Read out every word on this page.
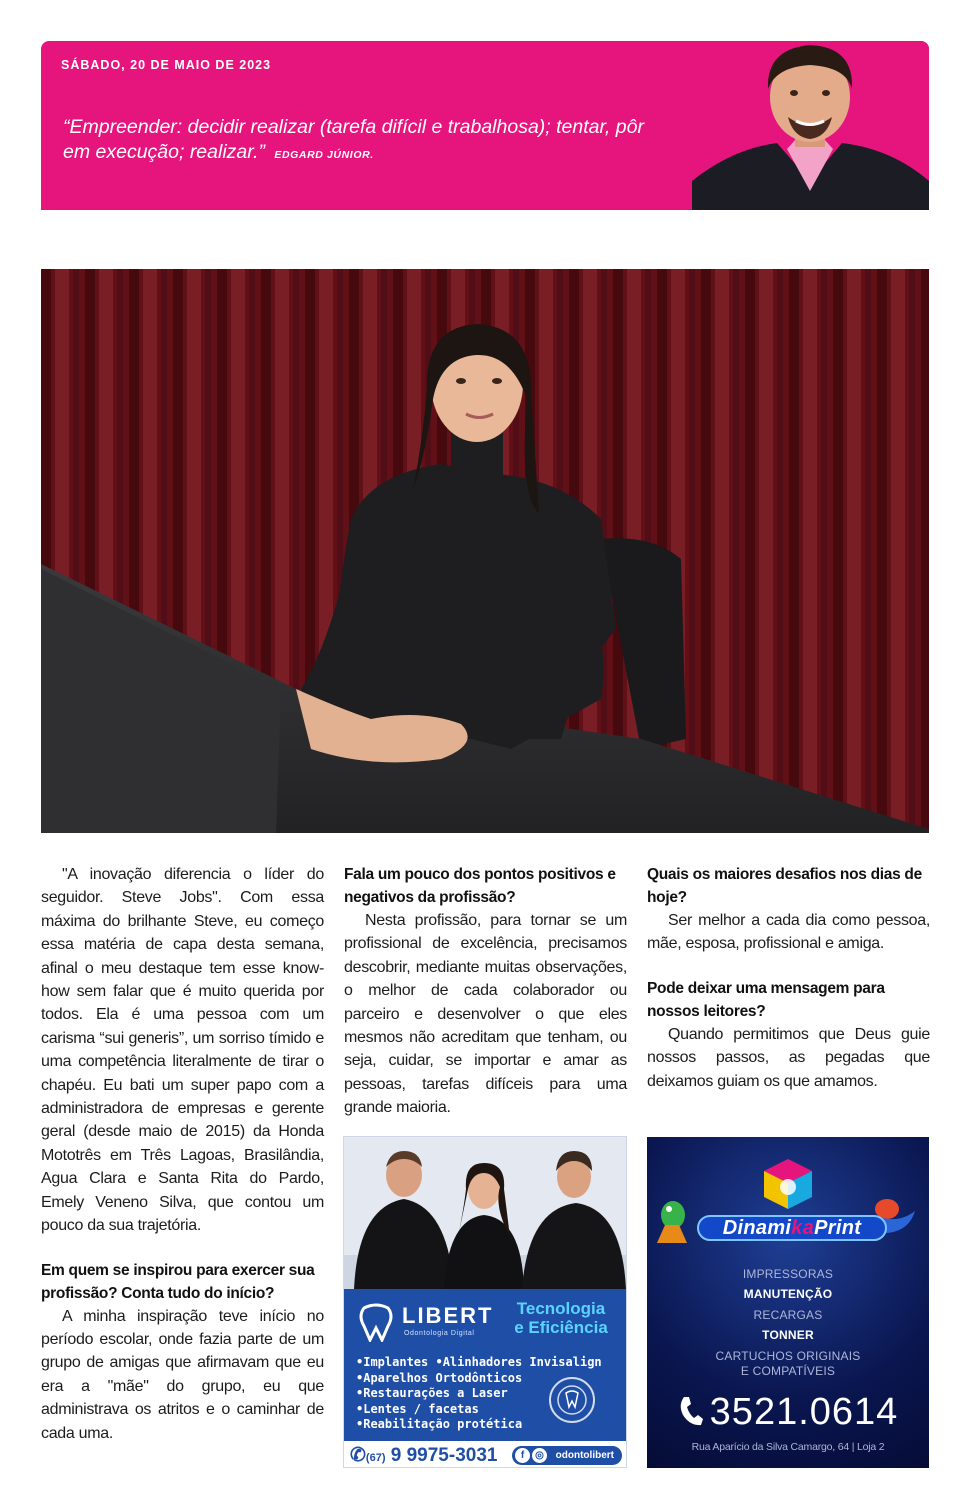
SÁBADO, 20 DE MAIO DE 2023
“Empreender: decidir realizar (tarefa difícil e trabalhosa); tentar, pôr em execução; realizar.” EDGARD JÚNIOR.

"A inovação diferencia o líder do seguidor. Steve Jobs". Com essa máxima do brilhante Steve, eu começo essa matéria de capa desta semana, afinal o meu destaque tem esse know-how sem falar que é muito querida por todos. Ela é uma pessoa com um carisma “sui generis”, um sorriso tímido e uma competência literalmente de tirar o chapéu. Eu bati um super papo com a administradora de empresas e gerente geral (desde maio de 2015) da Honda Mototrês em Três Lagoas, Brasilândia, Agua Clara e Santa Rita do Pardo, Emely Veneno Silva, que contou um pouco da sua trajetória.

Em quem se inspirou para exercer sua profissão? Conta tudo do início?

A minha inspiração teve início no período escolar, onde fazia parte de um grupo de amigas que afirmavam que eu era a "mãe" do grupo, eu que administrava os atritos e o caminhar de cada uma.

Fala um pouco dos pontos positivos e negativos da profissão?

Nesta profissão, para tornar se um profissional de excelência, precisamos descobrir, mediante muitas observações, o melhor de cada colaborador ou parceiro e desenvolver o que eles mesmos não acreditam que tenham, ou seja, cuidar, se importar e amar as pessoas, tarefas difíceis para uma grande maioria.

Quais os maiores desafios nos dias de hoje?

Ser melhor a cada dia como pessoa, mãe, esposa, profissional e amiga.

Pode deixar uma mensagem para nossos leitores?

Quando permitimos que Deus guie nossos passos, as pegadas que deixamos guiam os que amamos.

LIBERT
Odontologia Digital
Tecnologia
e Eficiência
•Implantes •Alinhadores Invisalign
•Aparelhos Ortodônticos
•Restaurações a Laser
•Lentes / facetas
•Reabilitação protética
✆(67) 9 9975-3031	f	◎	odontolibert
DinamikaPrint
IMPRESSORAS
MANUTENÇÃO
RECARGAS
TONNER
CARTUCHOS ORIGINAIS
E COMPATÍVEIS
3521.0614
Rua Aparício da Silva Camargo, 64 | Loja 2
